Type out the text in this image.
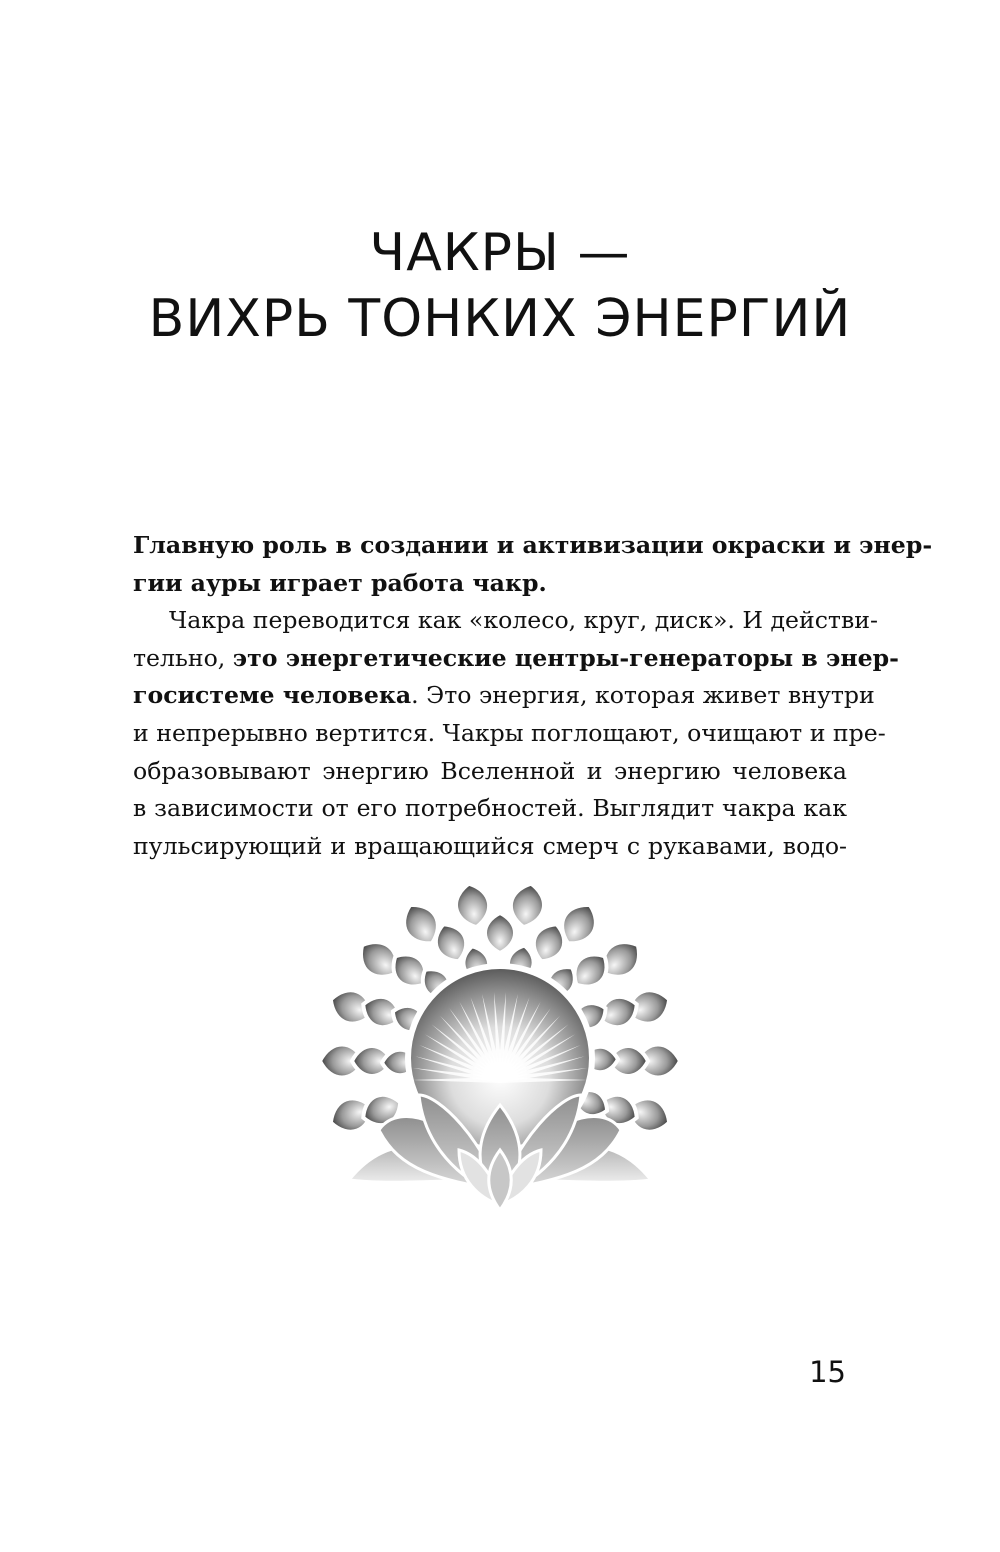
ЧАКРЫ —
ВИХРЬ ТОНКИХ ЭНЕРГИЙ
Главную роль в создании и активизации окраски и энер-
гии ауры играет работа чакр.
Чакра переводится как «колесо, круг, диск». И действи-
тельно, это энергетические центры-генераторы в энер-
госистеме человека. Это энергия, которая живет внутри
и непрерывно вертится. Чакры поглощают, очищают и пре-
образовывают энергию Вселенной и энергию человека
в зависимости от его потребностей. Выглядит чакра как
пульсирующий и вращающийся смерч с рукавами, водо-
15
